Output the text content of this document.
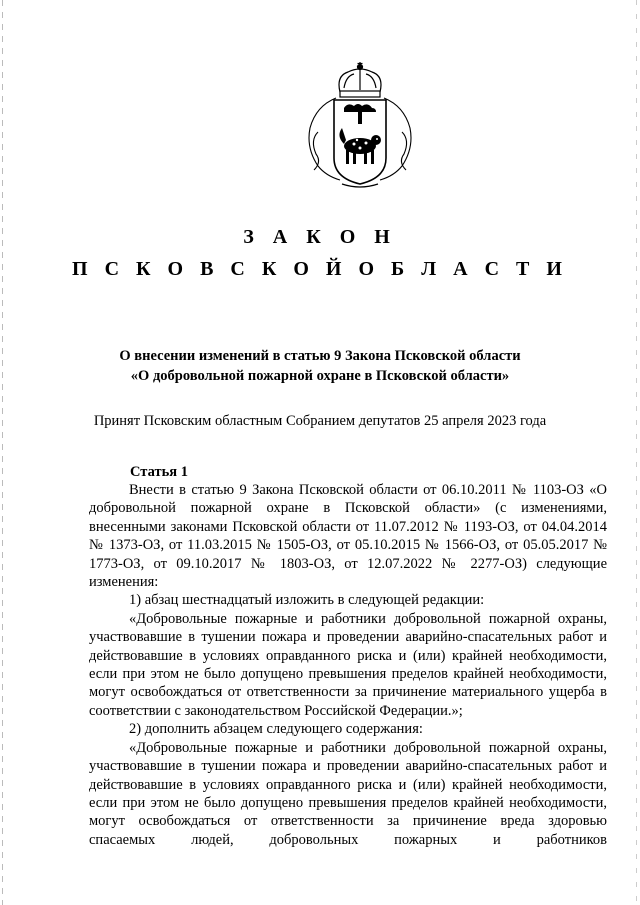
З А К О Н
П С К О В С К О Й О Б Л А С Т И
О внесении изменений в статью 9 Закона Псковской области
«О добровольной пожарной охране в Псковской области»
Принят Псковским областным Собранием депутатов 25 апреля 2023 года
Статья 1

Внести в статью 9 Закона Псковской области от 06.10.2011 № 1103-ОЗ «О добровольной пожарной охране в Псковской области» (с изменениями, внесенными законами Псковской области от 11.07.2012 № 1193-ОЗ, от 04.04.2014 № 1373-ОЗ, от 11.03.2015 № 1505-ОЗ, от 05.10.2015 № 1566-ОЗ, от 05.05.2017 № 1773-ОЗ, от 09.10.2017 № 1803-ОЗ, от 12.07.2022 № 2277-ОЗ) следующие изменения:

1) абзац шестнадцатый изложить в следующей редакции:

«Добровольные пожарные и работники добровольной пожарной охраны, участвовавшие в тушении пожара и проведении аварийно-спасательных работ и действовавшие в условиях оправданного риска и (или) крайней необходимости, если при этом не было допущено превышения пределов крайней необходимости, могут освобождаться от ответственности за причинение материального ущерба в соответствии с законодательством Российской Федерации.»;

2) дополнить абзацем следующего содержания:

«Добровольные пожарные и работники добровольной пожарной охраны, участвовавшие в тушении пожара и проведении аварийно-спасательных работ и действовавшие в условиях оправданного риска и (или) крайней необходимости, если при этом не было допущено превышения пределов крайней необходимости, могут освобождаться от ответственности за причинение вреда здоровью спасаемых людей, добровольных пожарных и работников
